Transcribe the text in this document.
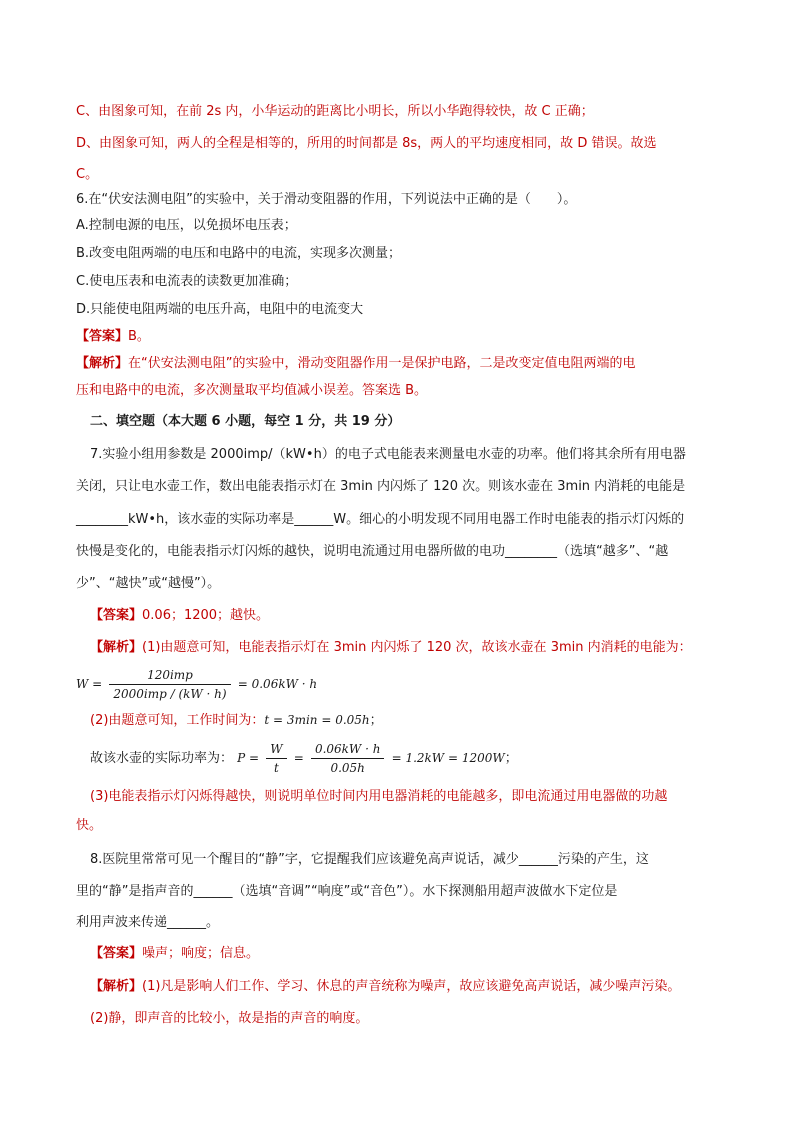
C、由图象可知，在前 2s 内，小华运动的距离比小明长，所以小华跑得较快，故 C 正确；
D、由图象可知，两人的全程是相等的，所用的时间都是 8s，两人的平均速度相同，故 D 错误。故选
C。
6.在“伏安法测电阻”的实验中，关于滑动变阻器的作用，下列说法中正确的是（　　）。
A.控制电源的电压，以免损坏电压表；
B.改变电阻两端的电压和电路中的电流，实现多次测量；
C.使电压表和电流表的读数更加准确；
D.只能使电阻两端的电压升高，电阻中的电流变大
【答案】B。
【解析】在“伏安法测电阻”的实验中，滑动变阻器作用一是保护电路，二是改变定值电阻两端的电
压和电路中的电流，多次测量取平均值减小误差。答案选 B。
二、填空题（本大题 6 小题，每空 1 分，共 19 分）
7.实验小组用参数是 2000imp/（kW•h）的电子式电能表来测量电水壶的功率。他们将其余所有用电器
关闭，只让电水壶工作，数出电能表指示灯在 3min 内闪烁了 120 次。则该水壶在 3min 内消耗的电能是
________kW•h，该水壶的实际功率是______W。细心的小明发现不同用电器工作时电能表的指示灯闪烁的
快慢是变化的，电能表指示灯闪烁的越快，说明电流通过用电器所做的电功________（选填“越多”、“越
少”、“越快”或“越慢”）。
【答案】0.06；1200；越快。
【解析】(1)由题意可知，电能表指示灯在 3min 内闪烁了 120 次，故该水壶在 3min 内消耗的电能为：
$W = \frac{\text{120imp}}{\text{2000imp / (kW · h)}} = 0.06kW \cdot h$
(2)由题意可知，工作时间为：t = 3min = 0.05h；
故该水壶的实际功率为： $P = \frac{W}{t} = \frac{0.06kW \cdot h}{0.05h} = 1.2kW = 1200W$；
(3)电能表指示灯闪烁得越快，则说明单位时间内用电器消耗的电能越多，即电流通过用电器做的功越
快。
8.医院里常常可见一个醒目的“静”字，它提醒我们应该避免高声说话，减少______污染的产生，这
里的“静”是指声音的______（选填“音调”“响度”或“音色”）。水下探测船用超声波做水下定位是
利用声波来传递______。
【答案】噪声；响度；信息。
【解析】(1)凡是影响人们工作、学习、休息的声音统称为噪声，故应该避免高声说话，减少噪声污染。
(2)静，即声音的比较小，故是指的声音的响度。
